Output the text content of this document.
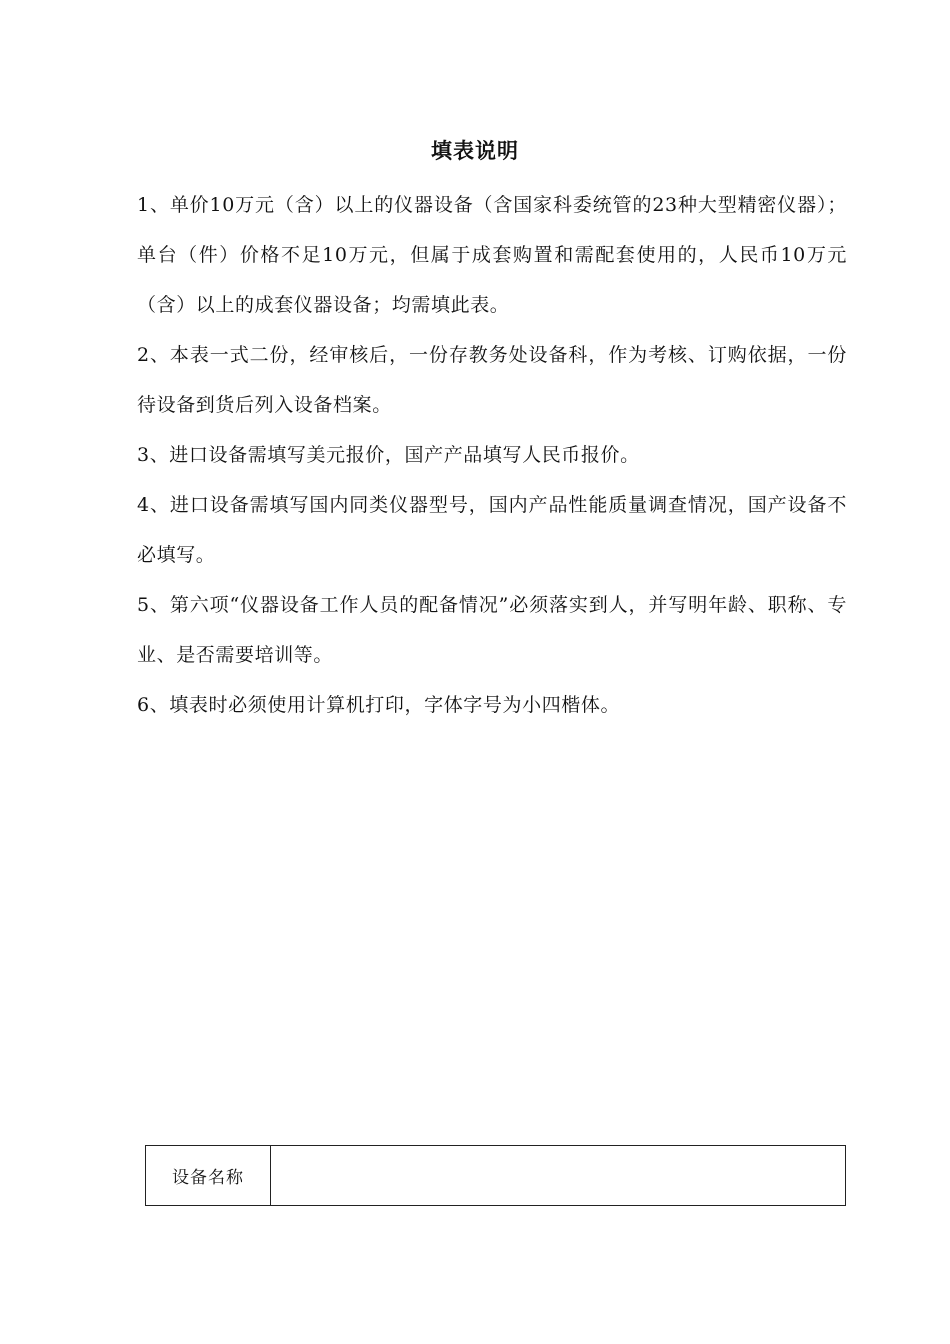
填表说明

1、单价10万元（含）以上的仪器设备（含国家科委统管的23种大型精密仪器）；单台（件）价格不足10万元，但属于成套购置和需配套使用的，人民币10万元（含）以上的成套仪器设备；均需填此表。

2、本表一式二份，经审核后，一份存教务处设备科，作为考核、订购依据，一份待设备到货后列入设备档案。

3、进口设备需填写美元报价，国产产品填写人民币报价。

4、进口设备需填写国内同类仪器型号，国内产品性能质量调查情况，国产设备不必填写。

5、第六项“仪器设备工作人员的配备情况”必须落实到人，并写明年龄、职称、专业、是否需要培训等。

6、填表时必须使用计算机打印，字体字号为小四楷体。

设备名称	
